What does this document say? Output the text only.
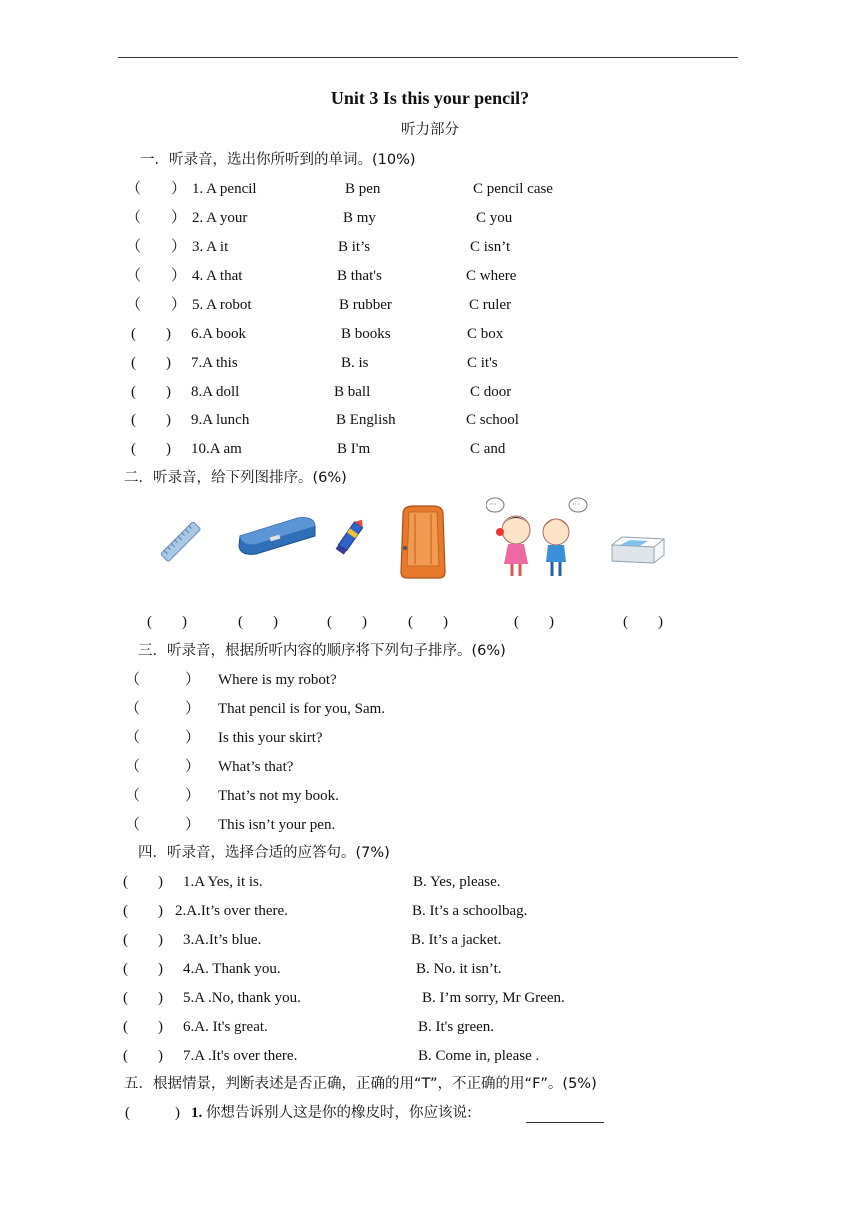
Unit 3 Is this your pencil?
听力部分
一．听录音，选出你所听到的单词。(10%)
（　　） 1. A pencil	B pen	C pencil case
（　　） 2. A your	B my	C you
（　　） 3. A it	B it’s	C isn’t
（　　） 4. A that	B that's	C where
（　　） 5. A robot	B rubber	C ruler
(　　) 6.A book	B books	C box
(　　) 7.A this	B. is	C it's
(　　) 8.A doll	B ball	C door
(　　) 9.A lunch	B English	C school
(　　) 10.A am	B I'm	C and
二．听录音，给下列图排序。(6%)
···	···
(　　)	(　　)	(　　)	(　　)	(　　)	(　　)
三．听录音，根据所听内容的顺序将下列句子排序。(6%)
（　　　） Where is my robot?
（　　　） That pencil is for you, Sam.
（　　　） Is this your skirt?
（　　　） What’s that?
（　　　） That’s not my book.
（　　　） This isn’t your pen.
四．听录音，选择合适的应答句。(7%)
(　　) 1.A Yes, it is.	B. Yes, please.
(　　) 2.A.It’s over there.	B. It’s a schoolbag.
(　　) 3.A.It’s blue.	B. It’s a jacket.
(　　) 4.A. Thank you.	B. No. it isn’t.
(　　) 5.A .No, thank you.	B. I’m sorry, Mr Green.
(　　) 6.A. It's great.	B. It's green.
(　　) 7.A .It's over there.	B. Come in, please .
五．根据情景，判断表述是否正确，正确的用“T”，不正确的用“F”。(5%)
(　　　) 1. 你想告诉别人这是你的橡皮时，你应该说:
